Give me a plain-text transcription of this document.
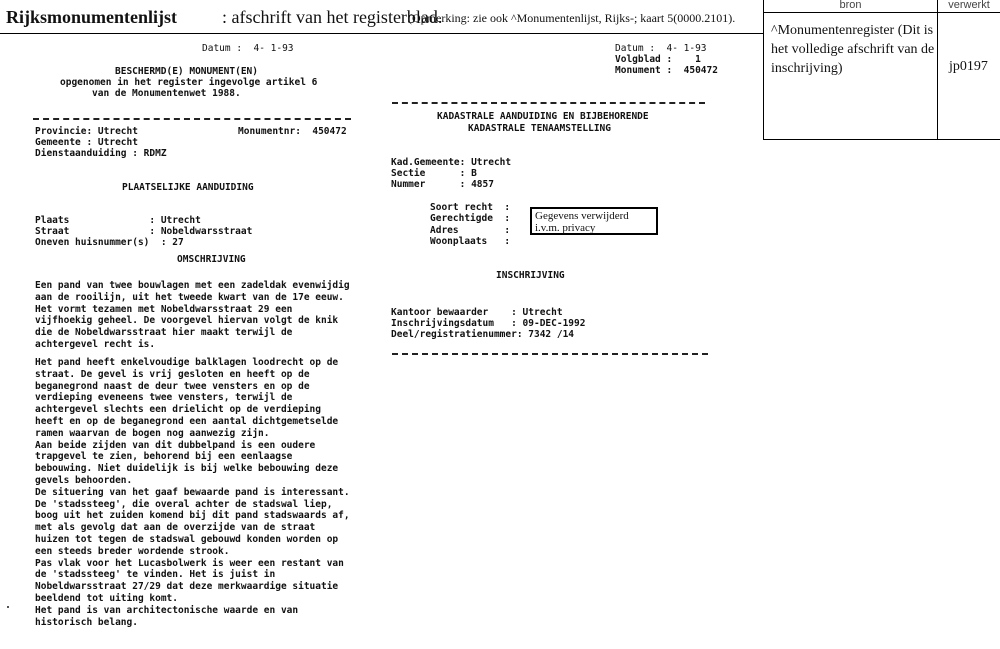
Rijksmonumentenlijst : afschrift van het registerblad.
(Opmerking: zie ook ^Monumentenlijst, Rijks-; kaart 5(0000.2101).
bron	verwerkt
^Monumentenregister (Dit is het volledige afschrift van de inschrijving)	jp0197
Datum :  4- 1-93
BESCHERMD(E) MONUMENT(EN)
opgenomen in het register ingevolge artikel 6
van de Monumentenwet 1988.
Provincie: Utrecht	Monumentnr:  450472
Gemeente : Utrecht
Dienstaanduiding : RDMZ
PLAATSELIJKE AANDUIDING
Plaats              : Utrecht
Straat              : Nobeldwarsstraat
Oneven huisnummer(s)  : 27
OMSCHRIJVING
Een pand van twee bouwlagen met een zadeldak evenwijdig
aan de rooilijn, uit het tweede kwart van de 17e eeuw.
Het vormt tezamen met Nobeldwarsstraat 29 een
vijfhoekig geheel. De voorgevel hiervan volgt de knik
die de Nobeldwarsstraat hier maakt terwijl de
achtergevel recht is.
Het pand heeft enkelvoudige balklagen loodrecht op de
straat. De gevel is vrij gesloten en heeft op de
beganegrond naast de deur twee vensters en op de
verdieping eveneens twee vensters, terwijl de
achtergevel slechts een drielicht op de verdieping
heeft en op de beganegrond een aantal dichtgemetselde
ramen waarvan de bogen nog aanwezig zijn.
Aan beide zijden van dit dubbelpand is een oudere
trapgevel te zien, behorend bij een eenlaagse
bebouwing. Niet duidelijk is bij welke bebouwing deze
gevels behoorden.
De situering van het gaaf bewaarde pand is interessant.
De 'stadssteeg', die overal achter de stadswal liep,
boog uit het zuiden komend bij dit pand stadswaards af,
met als gevolg dat aan de overzijde van de straat
huizen tot tegen de stadswal gebouwd konden worden op
een steeds breder wordende strook.
Pas vlak voor het Lucasbolwerk is weer een restant van
de 'stadssteeg' te vinden. Het is juist in
Nobeldwarsstraat 27/29 dat deze merkwaardige situatie
beeldend tot uiting komt.
Het pand is van architectonische waarde en van
historisch belang.
Datum :  4- 1-93
Volgblad :    1
Monument :  450472
KADASTRALE AANDUIDING EN BIJBEHORENDE
KADASTRALE TENAAMSTELLING
Kad.Gemeente: Utrecht
Sectie      : B
Nummer      : 4857
Soort recht  :
Gerechtigde  :
Adres        :
Woonplaats   :
Gegevens verwijderd i.v.m. privacy
INSCHRIJVING
Kantoor bewaarder    : Utrecht
Inschrijvingsdatum   : 09-DEC-1992
Deel/registratienummer: 7342 /14
